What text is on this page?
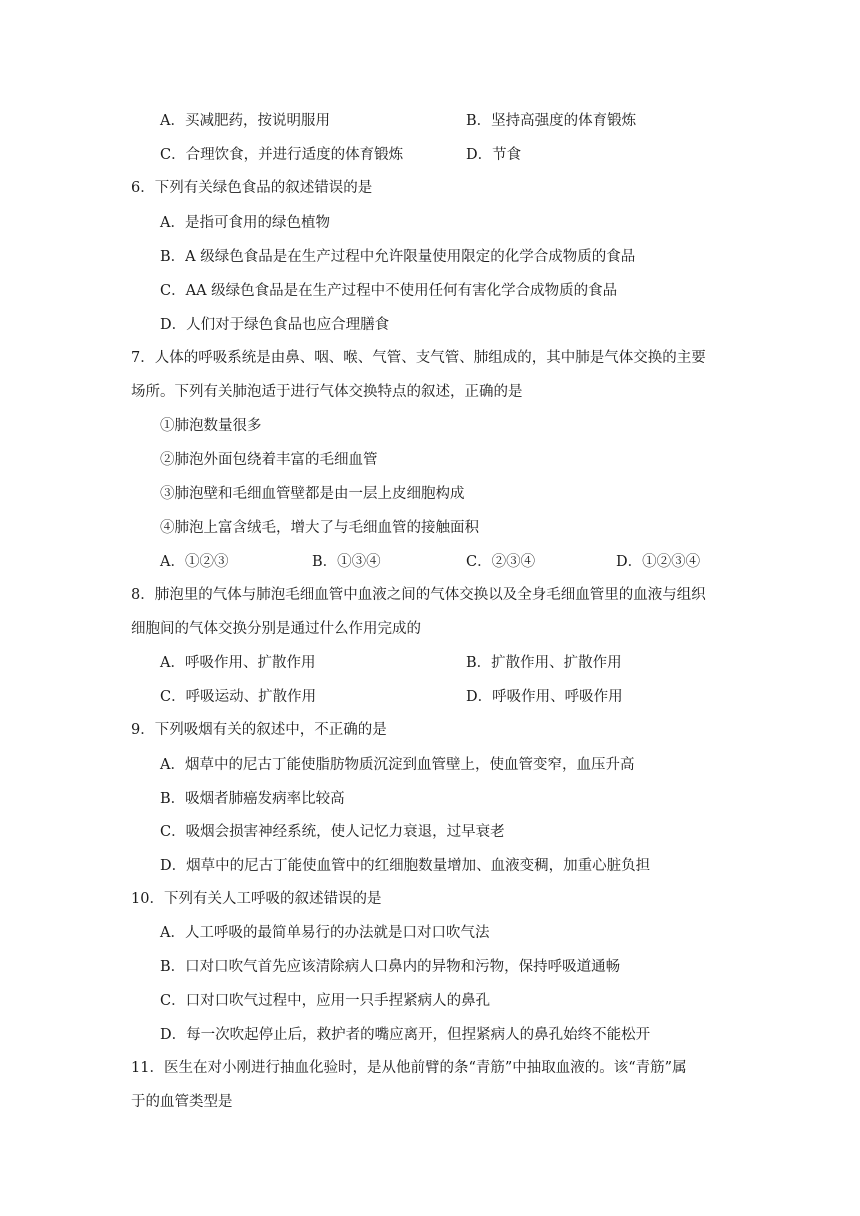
A．买减肥药，按说明服用	B．坚持高强度的体育锻炼
C．合理饮食，并进行适度的体育锻炼	D．节食
6．下列有关绿色食品的叙述错误的是
A．是指可食用的绿色植物
B．A 级绿色食品是在生产过程中允许限量使用限定的化学合成物质的食品
C．AA 级绿色食品是在生产过程中不使用任何有害化学合成物质的食品
D．人们对于绿色食品也应合理膳食
7．人体的呼吸系统是由鼻、咽、喉、气管、支气管、肺组成的，其中肺是气体交换的主要
场所。下列有关肺泡适于进行气体交换特点的叙述，正确的是
①肺泡数量很多
②肺泡外面包绕着丰富的毛细血管
③肺泡壁和毛细血管壁都是由一层上皮细胞构成
④肺泡上富含绒毛，增大了与毛细血管的接触面积
A．①②③	B．①③④	C．②③④	D．①②③④
8．肺泡里的气体与肺泡毛细血管中血液之间的气体交换以及全身毛细血管里的血液与组织
细胞间的气体交换分别是通过什么作用完成的
A．呼吸作用、扩散作用	B．扩散作用、扩散作用
C．呼吸运动、扩散作用	D．呼吸作用、呼吸作用
9．下列吸烟有关的叙述中，不正确的是
A．烟草中的尼古丁能使脂肪物质沉淀到血管壁上，使血管变窄，血压升高
B．吸烟者肺癌发病率比较高
C．吸烟会损害神经系统，使人记忆力衰退，过早衰老
D．烟草中的尼古丁能使血管中的红细胞数量增加、血液变稠，加重心脏负担
10．下列有关人工呼吸的叙述错误的是
A．人工呼吸的最简单易行的办法就是口对口吹气法
B．口对口吹气首先应该清除病人口鼻内的异物和污物，保持呼吸道通畅
C．口对口吹气过程中，应用一只手捏紧病人的鼻孔
D．每一次吹起停止后，救护者的嘴应离开，但捏紧病人的鼻孔始终不能松开
11．医生在对小刚进行抽血化验时，是从他前臂的条“青筋”中抽取血液的。该“青筋”属
于的血管类型是
